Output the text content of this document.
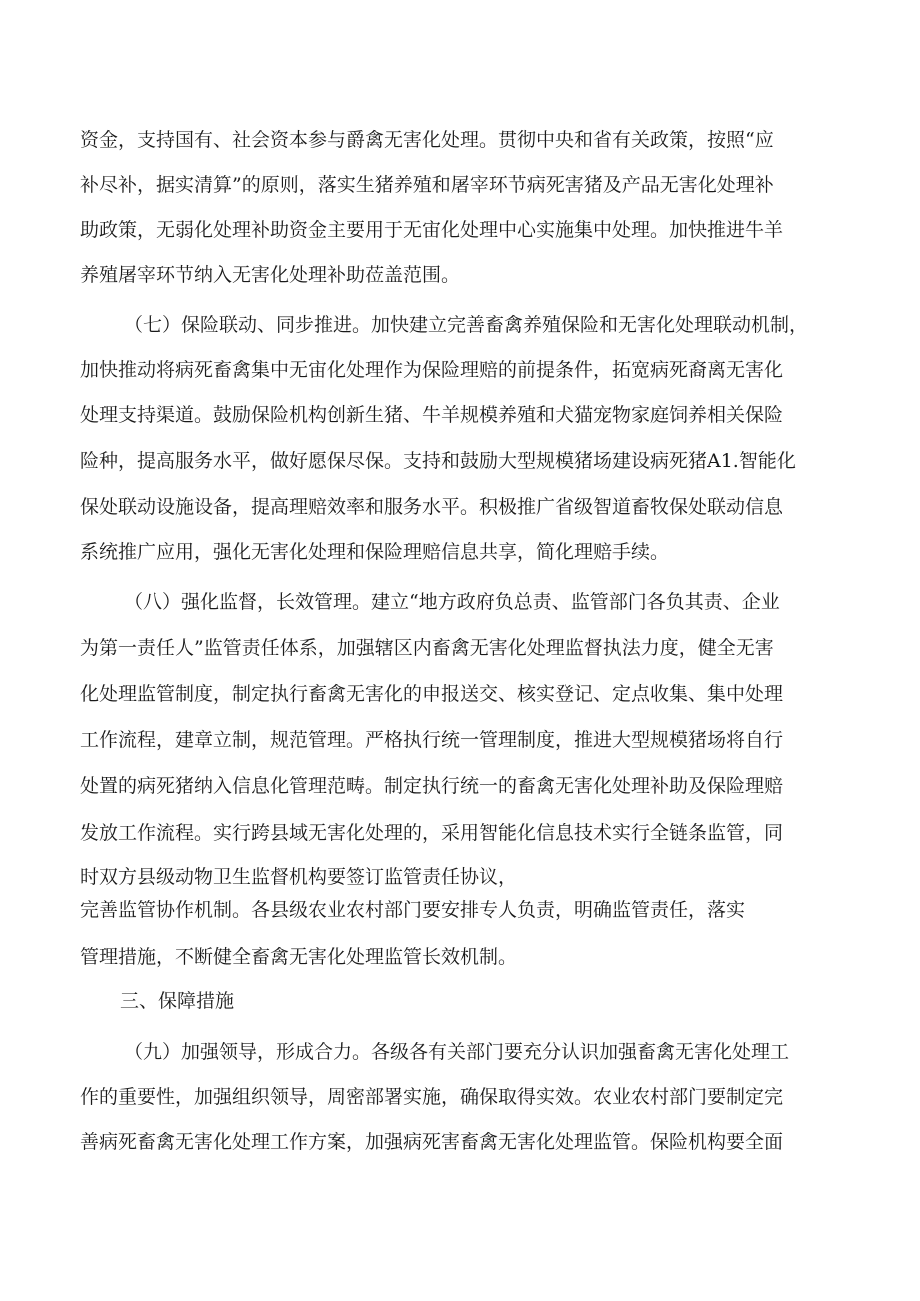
资金，支持国有、社会资本参与爵禽无害化处理。贯彻中央和省有关政策，按照“应

补尽补，据实清算”的原则，落实生猪养殖和屠宰环节病死害猪及产品无害化处理补

助政策，无弱化处理补助资金主要用于无宙化处理中心实施集中处理。加快推进牛羊

养殖屠宰环节纳入无害化处理补助莅盖范围。

（七）保险联动、同步推进。加快建立完善畜禽养殖保险和无害化处理联动机制，

加快推动将病死畜禽集中无宙化处理作为保险理赔的前提条件，拓宽病死裔离无害化

处理支持渠道。鼓励保险机构创新生猪、牛羊规模养殖和犬猫宠物家庭饲养相关保险

险种，提高服务水平，做好愿保尽保。支持和鼓励大型规模猪场建设病死猪A1.智能化

保处联动设施设备，提高理赔效率和服务水平。积极推广省级智道畜牧保处联动信息

系统推广应用，强化无害化处理和保险理赔信息共享，简化理赔手续。

（八）强化监督，长效管理。建立“地方政府负总责、监管部门各负其责、企业

为第一责任人”监管责任体系，加强辖区内畜禽无害化处理监督执法力度，健全无害

化处理监管制度，制定执行畜禽无害化的申报送交、核实登记、定点收集、集中处理

工作流程，建章立制，规范管理。严格执行统一管理制度，推进大型规模猪场将自行

处置的病死猪纳入信息化管理范畴。制定执行统一的畜禽无害化处理补助及保险理赔

发放工作流程。实行跨县域无害化处理的，采用智能化信息技术实行全链条监管，同

时双方县级动物卫生监督机构要签订监管责任协议，

完善监管协作机制。各县级农业农村部门要安排专人负责，明确监管责任，落实

管理措施，不断健全畜禽无害化处理监管长效机制。

三、保障措施

（九）加强领导，形成合力。各级各有关部门要充分认识加强畜禽无害化处理工

作的重要性，加强组织领导，周密部署实施，确保取得实效。农业农村部门要制定完

善病死畜禽无害化处理工作方案，加强病死害畜禽无害化处理监管。保险机构要全面
